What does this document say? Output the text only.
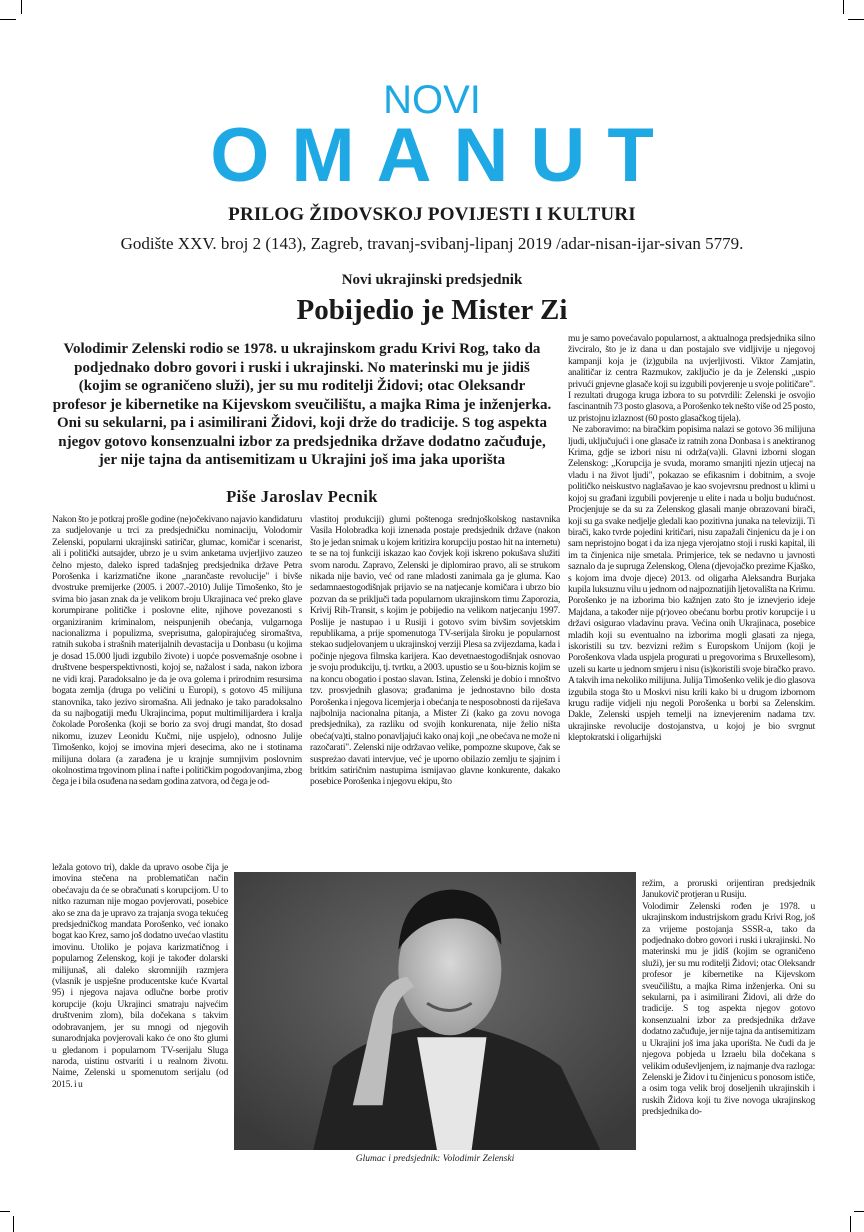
NOVI
OMANUT
PRILOG ŽIDOVSKOJ POVIJESTI I KULTURI
Godište XXV. broj 2 (143), Zagreb, travanj-svibanj-lipanj 2019 /adar-nisan-ijar-sivan 5779.
Novi ukrajinski predsjednik
Pobijedio je Mister Zi
Volodimir Zelenski rodio se 1978. u ukrajinskom gradu Krivi Rog, tako da podjednako dobro govori i ruski i ukrajinski. No materinski mu je jidiš (kojim se ograničeno služi), jer su mu roditelji Židovi; otac Oleksandr profesor je kibernetike na Kijevskom sveučilištu, a majka Rima je inženjerka. Oni su sekularni, pa i asimilirani Židovi, koji drže do tradicije. S tog aspekta njegov gotovo konsenzualni izbor za predsjednika države dodatno začuđuje, jer nije tajna da antisemitizam u Ukrajini još ima jaka uporišta
Piše Jaroslav Pecnik

Nakon što je potkraj prošle godine (ne)očekivano najavio kandidaturu za sudjelovanje u trci za predsjedničku nominaciju, Volodomir Zelenski, popularni ukrajinski satiričar, glumac, komičar i scenarist, ali i politički autsajder, ubrzo je u svim anketama uvjerljivo zauzeo čelno mjesto, daleko ispred tadašnjeg predsjednika države Petra Porošenka i karizmatične ikone „narančaste revolucije" i bivše dvostruke premijerke (2005. i 2007.-2010) Julije Timošenko, što je svima bio jasan znak da je velikom broju Ukrajinaca već preko glave korumpirane političke i poslovne elite, njihove povezanosti s organiziranim kriminalom, neispunjenih obećanja, vulgarnoga nacionalizma i populizma, sveprisutna, galopirajućeg siromaštva, ratnih sukoba i strašnih materijalnih devastacija u Donbasu (u kojima je dosad 15.000 ljudi izgubilo živote) i uopće posvemašnje osobne i društvene besperspektivnosti, kojoj se, nažalost i sada, nakon izbora ne vidi kraj. Paradoksalno je da je ova golema i prirodnim resursima bogata zemlja (druga po veličini u Europi), s gotovo 45 milijuna stanovnika, tako jezivo siromašna. Ali jednako je tako paradoksalno da su najbogatiji među Ukrajincima, poput multimilijardera i kralja čokolade Porošenka (koji se borio za svoj drugi mandat, što dosad nikomu, izuzev Leonidu Kučmi, nije uspjelo), odnosno Julije Timošenko, kojoj se imovina mjeri desecima, ako ne i stotinama milijuna dolara (a zarađena je u krajnje sumnjivim poslovnim okolnostima trgovinom plina i nafte i političkim pogodovanjima, zbog čega je i bila osuđena na sedam godina zatvora, od čega je od-

ležala gotovo tri), dakle da upravo osobe čija je imovina stečena na problematičan način obećavaju da će se obračunati s korupcijom. U to nitko razuman nije mogao povjerovati, posebice ako se zna da je upravo za trajanja svoga tekućeg predsjedničkog mandata Porošenko, već ionako bogat kao Krez, samo još dodatno uvećao vlastitu imovinu. Utoliko je pojava karizmatičnog i popularnog Zelenskog, koji je također dolarski milijunaš, ali daleko skromnijih razmjera (vlasnik je uspješne producentske kuće Kvartal 95) i njegova najava odlučne borbe protiv korupcije (koju Ukrajinci smatraju najvećim društvenim zlom), bila dočekana s takvim odobravanjem, jer su mnogi od njegovih sunarodnjaka povjerovali kako će ono što glumi u gledanom i popularnom TV-serijalu Sluga naroda, uistinu ostvariti i u realnom životu. Naime, Zelenski u spomenutom serijalu (od 2015. i u

vlastitoj produkciji) glumi poštenoga srednjoškolskog nastavnika Vasila Holobradka koji iznenada postaje predsjednik države (nakon što je jedan snimak u kojem kritizira korupciju postao hit na internetu) te se na toj funkciji iskazao kao čovjek koji iskreno pokušava služiti svom narodu. Zapravo, Zelenski je diplomirao pravo, ali se strukom nikada nije bavio, već od rane mladosti zanimala ga je gluma. Kao sedamnaestogodišnjak prijavio se na natjecanje komičara i ubrzo bio pozvan da se priključi tada popularnom ukrajinskom timu Zaporozia, Krivij Rih-Transit, s kojim je pobijedio na velikom natjecanju 1997. Poslije je nastupao i u Rusiji i gotovo svim bivšim sovjetskim republikama, a prije spomenutoga TV-serijala široku je popularnost stekao sudjelovanjem u ukrajinskoj verziji Plesa sa zvijezdama, kada i počinje njegova filmska karijera. Kao devetnaestogodišnjak osnovao je svoju produkciju, tj. tvrtku, a 2003. upustio se u šou-biznis kojim se na koncu obogatio i postao slavan. Istina, Zelenski je dobio i mnoštvo tzv. prosvjednih glasova; građanima je jednostavno bilo dosta Porošenka i njegova licemjerja i obećanja te nesposobnosti da riješava najbolnija nacionalna pitanja, a Mister Zi (kako ga zovu novoga predsjednika), za razliku od svojih konkurenata, nije želio ništa obeća(va)ti, stalno ponavljajući kako onaj koji „ne obećava ne može ni razočarati". Zelenski nije održavao velike, pompozne skupove, čak se suspreżao davati intervjue, već je uporno obilazio zemlju te sjajnim i britkim satiričnim nastupima ismijavao glavne konkurente, dakako posebice Porošenka i njegovu ekipu, što

mu je samo povećavalo popularnost, a aktualnoga predsjednika silno živciralo, što je iz dana u dan postajalo sve vidljivije u njegovoj kampanji koja je (iz)gubila na uvjerljivosti. Viktor Zamjatin, analitičar iz centra Razmukov, zaključio je da je Zelenski „uspio privući gnjevne glasače koji su izgubili povjerenje u svoje političare". I rezultati drugoga kruga izbora to su potvrdili: Zelenski je osvojio fascinantnih 73 posto glasova, a Porošenko tek nešto više od 25 posto, uz pristojnu izlaznost (60 posto glasačkog tijela).

Ne zaboravimo: na biračkim popisima nalazi se gotovo 36 milijuna ljudi, uključujući i one glasače iz ratnih zona Donbasa i s anektiranog Krima, gdje se izbori nisu ni održa(va)li. Glavni izborni slogan Zelenskog: „Korupcija je svuda, moramo smanjiti njezin utjecaj na vladu i na život ljudi", pokazao se efikasnim i dobitnim, a svoje političko neiskustvo naglašavao je kao svojevrsnu prednost u klimi u kojoj su građani izgubili povjerenje u elite i nada u bolju budućnost. Procjenjuje se da su za Zelenskog glasali manje obrazovani birači, koji su ga svake nedjelje gledali kao pozitivna junaka na televiziji. Ti birači, kako tvrde pojedini kritičari, nisu zapažali činjenicu da je i on sam nepristojno bogat i da iza njega vjerojatno stoji i ruski kapital, ili im ta činjenica nije smetala. Primjerice, tek se nedavno u javnosti saznalo da je supruga Zelenskog, Olena (djevojačko prezime Kjaško, s kojom ima dvoje djece) 2013. od oligarha Aleksandra Burjaka kupila luksuznu vilu u jednom od najpoznatijih ljetovališta na Krimu. Porošenko je na izborima bio kažnjen zato što je iznevjerio ideje Majdana, a također nije p(r)oveo obećanu borbu protiv korupcije i u državi osigurao vladavinu prava. Većina onih Ukrajinaca, posebice mladih koji su eventualno na izborima mogli glasati za njega, iskoristili su tzv. bezvizni režim s Europskom Unijom (koji je Porošenkova vlada uspjela progurati u pregovorima s Bruxellesom), uzeli su karte u jednom smjeru i nisu (is)koristili svoje biračko pravo. A takvih ima nekoliko milijuna. Julija Timošenko velik je dio glasova izgubila stoga što u Moskvi nisu krili kako bi u drugom izbornom krugu radije vidjeli nju negoli Porošenka u borbi sa Zelenskim. Dakle, Zelenski uspjeh temelji na iznevjerenim nadama tzv. ukrajinske revolucije dostojanstva, u kojoj je bio svrgnut kleptokratski i oligarhijski

režim, a proruski orijentiran predsjednik Janukovič protjeran u Rusiju.

Volodimir Zelenski rođen je 1978. u ukrajinskom industrijskom gradu Krivi Rog, još za vrijeme postojanja SSSR-a, tako da podjednako dobro govori i ruski i ukrajinski. No materinski mu je jidiš (kojim se ograničeno služi), jer su mu roditelji Židovi; otac Oleksandr profesor je kibernetike na Kijevskom sveučilištu, a majka Rima inženjerka. Oni su sekularni, pa i asimilirani Židovi, ali drže do tradicije. S tog aspekta njegov gotovo konsenzualni izbor za predsjednika države dodatno začuđuje, jer nije tajna da antisemitizam u Ukrajini još ima jaka uporišta. Ne čudi da je njegova pobjeda u Izraelu bila dočekana s velikim oduševljenjem, iz najmanje dva razloga: Zelenski je Židov i tu činjenicu s ponosom ističe, a osim toga velik broj doseljenih ukrajinskih i ruskih Židova koji tu žive novoga ukrajinskog predsjednika do-

Glumac i predsjednik: Volodimir Zelenski
